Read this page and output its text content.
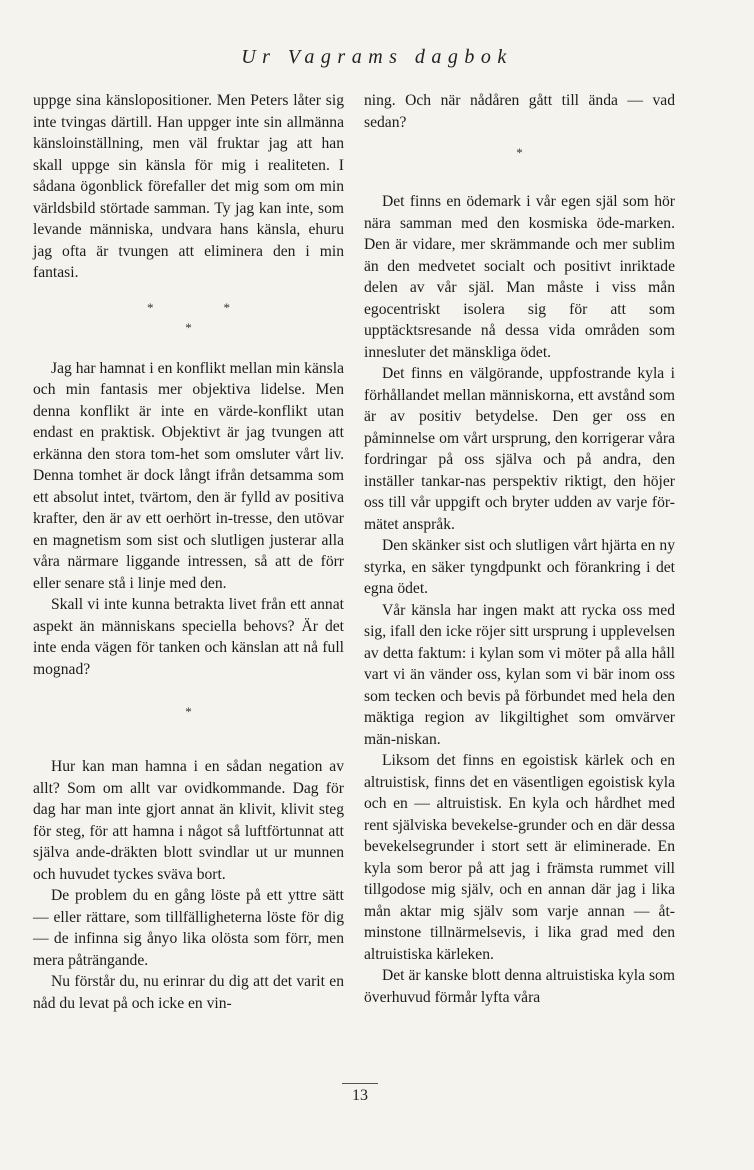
Ur Vagrams dagbok

uppge sina känslopositioner. Men Peters låter sig inte tvingas därtill. Han uppger inte sin allmänna känsloinställning, men väl fruktar jag att han skall uppge sin känsla för mig i realiteten. I sådana ögonblick förefaller det mig som om min världsbild störtade samman. Ty jag kan inte, som levande människa, undvara hans känsla, ehuru jag ofta är tvungen att eliminera den i min fantasi.

*	*
*

Jag har hamnat i en konflikt mellan min känsla och min fantasis mer objektiva lidelse. Men denna konflikt är inte en värde-konflikt utan endast en praktisk. Objektivt är jag tvungen att erkänna den stora tom-het som omsluter vårt liv. Denna tomhet är dock långt ifrån detsamma som ett absolut intet, tvärtom, den är fylld av positiva krafter, den är av ett oerhört in-tresse, den utövar en magnetism som sist och slutligen justerar alla våra närmare liggande intressen, så att de förr eller senare stå i linje med den.

Skall vi inte kunna betrakta livet från ett annat aspekt än människans speciella behovs? Är det inte enda vägen för tanken och känslan att nå full mognad?

*

Hur kan man hamna i en sådan negation av allt? Som om allt var ovidkommande. Dag för dag har man inte gjort annat än klivit, klivit steg för steg, för att hamna i något så luftförtunnat att själva ande-dräkten blott svindlar ut ur munnen och huvudet tyckes sväva bort.

De problem du en gång löste på ett yttre sätt — eller rättare, som tillfälligheterna löste för dig — de infinna sig ånyo lika olösta som förr, men mera påträngande.

Nu förstår du, nu erinrar du dig att det varit en nåd du levat på och icke en vin-

ning. Och när nådåren gått till ända — vad sedan?

*

Det finns en ödemark i vår egen själ som hör nära samman med den kosmiska öde-marken. Den är vidare, mer skrämmande och mer sublim än den medvetet socialt och positivt inriktade delen av vår själ. Man måste i viss mån egocentriskt isolera sig för att som upptäcktsresande nå dessa vida områden som innesluter det mänskliga ödet.

Det finns en välgörande, uppfostrande kyla i förhållandet mellan människorna, ett avstånd som är av positiv betydelse. Den ger oss en påminnelse om vårt ursprung, den korrigerar våra fordringar på oss själva och på andra, den inställer tankar-nas perspektiv riktigt, den höjer oss till vår uppgift och bryter udden av varje för-mätet anspråk.

Den skänker sist och slutligen vårt hjärta en ny styrka, en säker tyngdpunkt och förankring i det egna ödet.

Vår känsla har ingen makt att rycka oss med sig, ifall den icke röjer sitt ursprung i upplevelsen av detta faktum: i kylan som vi möter på alla håll vart vi än vänder oss, kylan som vi bär inom oss som tecken och bevis på förbundet med hela den mäktiga region av likgiltighet som omvärver män-niskan.

Liksom det finns en egoistisk kärlek och en altruistisk, finns det en väsentligen egoistisk kyla och en — altruistisk. En kyla och hårdhet med rent själviska bevekelse-grunder och en där dessa bevekelsegrunder i stort sett är eliminerade. En kyla som beror på att jag i främsta rummet vill tillgodose mig själv, och en annan där jag i lika mån aktar mig själv som varje annan — åt-minstone tillnärmelsevis, i lika grad med den altruistiska kärleken.

Det är kanske blott denna altruistiska kyla som överhuvud förmår lyfta våra

13
